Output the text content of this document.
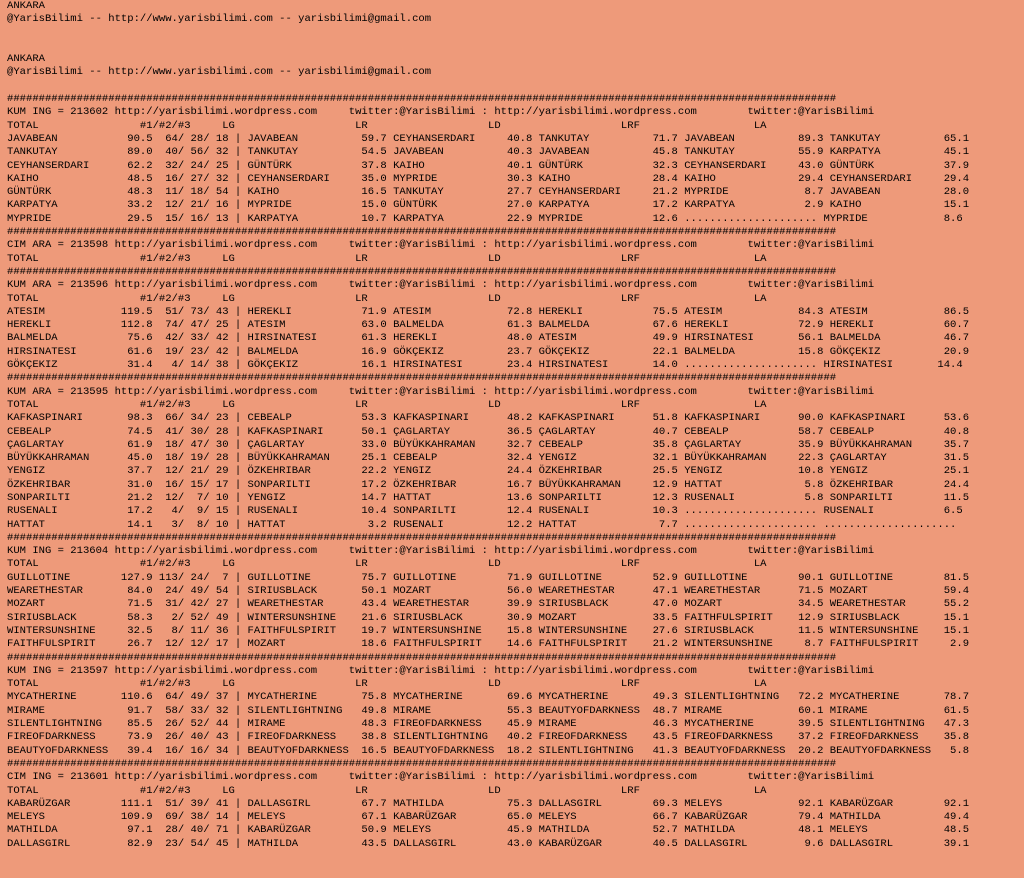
ANKARA
@YarisBilimi -- http://www.yarisbilimi.com -- yarisbilimi@gmail.com
ANKARA
@YarisBilimi -- http://www.yarisbilimi.com -- yarisbilimi@gmail.com
###################################################################################################################################
KUM ING = 213602 http://yarisbilimi.wordpress.com     twitter:@YarisBilimi : http://yarisbilimi.wordpress.com        twitter:@YarisBilimi
TOTAL                #1/#2/#3     LG                   LR                   LD                   LRF                  LA
JAVABEAN           90.5  64/ 28/ 18 | JAVABEAN          59.7 CEYHANSERDARI     40.8 TANKUTAY          71.7 JAVABEAN          89.3 TANKUTAY          65.1
TANKUTAY           89.0  40/ 56/ 32 | TANKUTAY          54.5 JAVABEAN          40.3 JAVABEAN          45.8 TANKUTAY          55.9 KARPATYA          45.1
CEYHANSERDARI      62.2  32/ 24/ 25 | GÜNTÜRK           37.8 KAIHO             40.1 GÜNTÜRK           32.3 CEYHANSERDARI     43.0 GÜNTÜRK           37.9
KAIHO              48.5  16/ 27/ 32 | CEYHANSERDARI     35.0 MYPRIDE           30.3 KAIHO             28.4 KAIHO             29.4 CEYHANSERDARI     29.4
GÜNTÜRK            48.3  11/ 18/ 54 | KAIHO             16.5 TANKUTAY          27.7 CEYHANSERDARI     21.2 MYPRIDE            8.7 JAVABEAN          28.0
KARPATYA           33.2  12/ 21/ 16 | MYPRIDE           15.0 GÜNTÜRK           27.0 KARPATYA          17.2 KARPATYA           2.9 KAIHO             15.1
MYPRIDE            29.5  15/ 16/ 13 | KARPATYA          10.7 KARPATYA          22.9 MYPRIDE           12.6 ..................... MYPRIDE            8.6
###################################################################################################################################
CIM ARA = 213598 http://yarisbilimi.wordpress.com     twitter:@YarisBilimi : http://yarisbilimi.wordpress.com        twitter:@YarisBilimi
TOTAL                #1/#2/#3     LG                   LR                   LD                   LRF                  LA
###################################################################################################################################
KUM ARA = 213596 http://yarisbilimi.wordpress.com     twitter:@YarisBilimi : http://yarisbilimi.wordpress.com        twitter:@YarisBilimi
TOTAL                #1/#2/#3     LG                   LR                   LD                   LRF                  LA
ATESIM            119.5  51/ 73/ 43 | HEREKLI           71.9 ATESIM            72.8 HEREKLI           75.5 ATESIM            84.3 ATESIM            86.5
HEREKLI           112.8  74/ 47/ 25 | ATESIM            63.0 BALMELDA          61.3 BALMELDA          67.6 HEREKLI           72.9 HEREKLI           60.7
BALMELDA           75.6  42/ 33/ 42 | HIRSINATESI       61.3 HEREKLI           48.0 ATESIM            49.9 HIRSINATESI       56.1 BALMELDA          46.7
HIRSINATESI        61.6  19/ 23/ 42 | BALMELDA          16.9 GÖKÇEKIZ          23.7 GÖKÇEKIZ          22.1 BALMELDA          15.8 GÖKÇEKIZ          20.9
GÖKÇEKIZ           31.4   4/ 14/ 38 | GÖKÇEKIZ          16.1 HIRSINATESI       23.4 HIRSINATESI       14.0 ..................... HIRSINATESI       14.4
###################################################################################################################################
KUM ARA = 213595 http://yarisbilimi.wordpress.com     twitter:@YarisBilimi : http://yarisbilimi.wordpress.com        twitter:@YarisBilimi
TOTAL                #1/#2/#3     LG                   LR                   LD                   LRF                  LA
KAFKASPINARI       98.3  66/ 34/ 23 | CEBEALP           53.3 KAFKASPINARI      48.2 KAFKASPINARI      51.8 KAFKASPINARI      90.0 KAFKASPINARI      53.6
CEBEALP            74.5  41/ 30/ 28 | KAFKASPINARI      50.1 ÇAGLARTAY         36.5 ÇAGLARTAY         40.7 CEBEALP           58.7 CEBEALP           40.8
ÇAGLARTAY          61.9  18/ 47/ 30 | ÇAGLARTAY         33.0 BÜYÜKKAHRAMAN     32.7 CEBEALP           35.8 ÇAGLARTAY         35.9 BÜYÜKKAHRAMAN     35.7
BÜYÜKKAHRAMAN      45.0  18/ 19/ 28 | BÜYÜKKAHRAMAN     25.1 CEBEALP           32.4 YENGIZ            32.1 BÜYÜKKAHRAMAN     22.3 ÇAGLARTAY         31.5
YENGIZ             37.7  12/ 21/ 29 | ÖZKEHRIBAR        22.2 YENGIZ            24.4 ÖZKEHRIBAR        25.5 YENGIZ            10.8 YENGIZ            25.1
ÖZKEHRIBAR         31.0  16/ 15/ 17 | SONPARILTI        17.2 ÖZKEHRIBAR        16.7 BÜYÜKKAHRAMAN     12.9 HATTAT             5.8 ÖZKEHRIBAR        24.4
SONPARILTI         21.2  12/  7/ 10 | YENGIZ            14.7 HATTAT            13.6 SONPARILTI        12.3 RUSENALI           5.8 SONPARILTI        11.5
RUSENALI           17.2   4/  9/ 15 | RUSENALI          10.4 SONPARILTI        12.4 RUSENALI          10.3 ..................... RUSENALI           6.5
HATTAT             14.1   3/  8/ 10 | HATTAT             3.2 RUSENALI          12.2 HATTAT             7.7 ..................... .....................
###################################################################################################################################
KUM ING = 213604 http://yarisbilimi.wordpress.com     twitter:@YarisBilimi : http://yarisbilimi.wordpress.com        twitter:@YarisBilimi
TOTAL                #1/#2/#3     LG                   LR                   LD                   LRF                  LA
GUILLOTINE        127.9 113/ 24/  7 | GUILLOTINE        75.7 GUILLOTINE        71.9 GUILLOTINE        52.9 GUILLOTINE        90.1 GUILLOTINE        81.5
WEARETHESTAR       84.0  24/ 49/ 54 | SIRIUSBLACK       50.1 MOZART            56.0 WEARETHESTAR      47.1 WEARETHESTAR      71.5 MOZART            59.4
MOZART             71.5  31/ 42/ 27 | WEARETHESTAR      43.4 WEARETHESTAR      39.9 SIRIUSBLACK       47.0 MOZART            34.5 WEARETHESTAR      55.2
SIRIUSBLACK        58.3   2/ 52/ 49 | WINTERSUNSHINE    21.6 SIRIUSBLACK       30.9 MOZART            33.5 FAITHFULSPIRIT    12.9 SIRIUSBLACK       15.1
WINTERSUNSHINE     32.5   8/ 11/ 36 | FAITHFULSPIRIT    19.7 WINTERSUNSHINE    15.8 WINTERSUNSHINE    27.6 SIRIUSBLACK       11.5 WINTERSUNSHINE    15.1
FAITHFULSPIRIT     26.7  12/ 12/ 17 | MOZART            18.6 FAITHFULSPIRIT    14.6 FAITHFULSPIRIT    21.2 WINTERSUNSHINE     8.7 FAITHFULSPIRIT     2.9
###################################################################################################################################
KUM ING = 213597 http://yarisbilimi.wordpress.com     twitter:@YarisBilimi : http://yarisbilimi.wordpress.com        twitter:@YarisBilimi
TOTAL                #1/#2/#3     LG                   LR                   LD                   LRF                  LA
MYCATHERINE       110.6  64/ 49/ 37 | MYCATHERINE       75.8 MYCATHERINE       69.6 MYCATHERINE       49.3 SILENTLIGHTNING   72.2 MYCATHERINE       78.7
MIRAME             91.7  58/ 33/ 32 | SILENTLIGHTNING   49.8 MIRAME            55.3 BEAUTYOFDARKNESS  48.7 MIRAME            60.1 MIRAME            61.5
SILENTLIGHTNING    85.5  26/ 52/ 44 | MIRAME            48.3 FIREOFDARKNESS    45.9 MIRAME            46.3 MYCATHERINE       39.5 SILENTLIGHTNING   47.3
FIREOFDARKNESS     73.9  26/ 40/ 43 | FIREOFDARKNESS    38.8 SILENTLIGHTNING   40.2 FIREOFDARKNESS    43.5 FIREOFDARKNESS    37.2 FIREOFDARKNESS    35.8
BEAUTYOFDARKNESS   39.4  16/ 16/ 34 | BEAUTYOFDARKNESS  16.5 BEAUTYOFDARKNESS  18.2 SILENTLIGHTNING   41.3 BEAUTYOFDARKNESS  20.2 BEAUTYOFDARKNESS   5.8
###################################################################################################################################
CIM ING = 213601 http://yarisbilimi.wordpress.com     twitter:@YarisBilimi : http://yarisbilimi.wordpress.com        twitter:@YarisBilimi
TOTAL                #1/#2/#3     LG                   LR                   LD                   LRF                  LA
KABARÜZGAR        111.1  51/ 39/ 41 | DALLASGIRL        67.7 MATHILDA          75.3 DALLASGIRL        69.3 MELEYS            92.1 KABARÜZGAR        92.1
MELEYS            109.9  69/ 38/ 14 | MELEYS            67.1 KABARÜZGAR        65.0 MELEYS            66.7 KABARÜZGAR        79.4 MATHILDA          49.4
MATHILDA           97.1  28/ 40/ 71 | KABARÜZGAR        50.9 MELEYS            45.9 MATHILDA          52.7 MATHILDA          48.1 MELEYS            48.5
DALLASGIRL         82.9  23/ 54/ 45 | MATHILDA          43.5 DALLASGIRL        43.0 KABARÜZGAR        40.5 DALLASGIRL         9.6 DALLASGIRL        39.1
